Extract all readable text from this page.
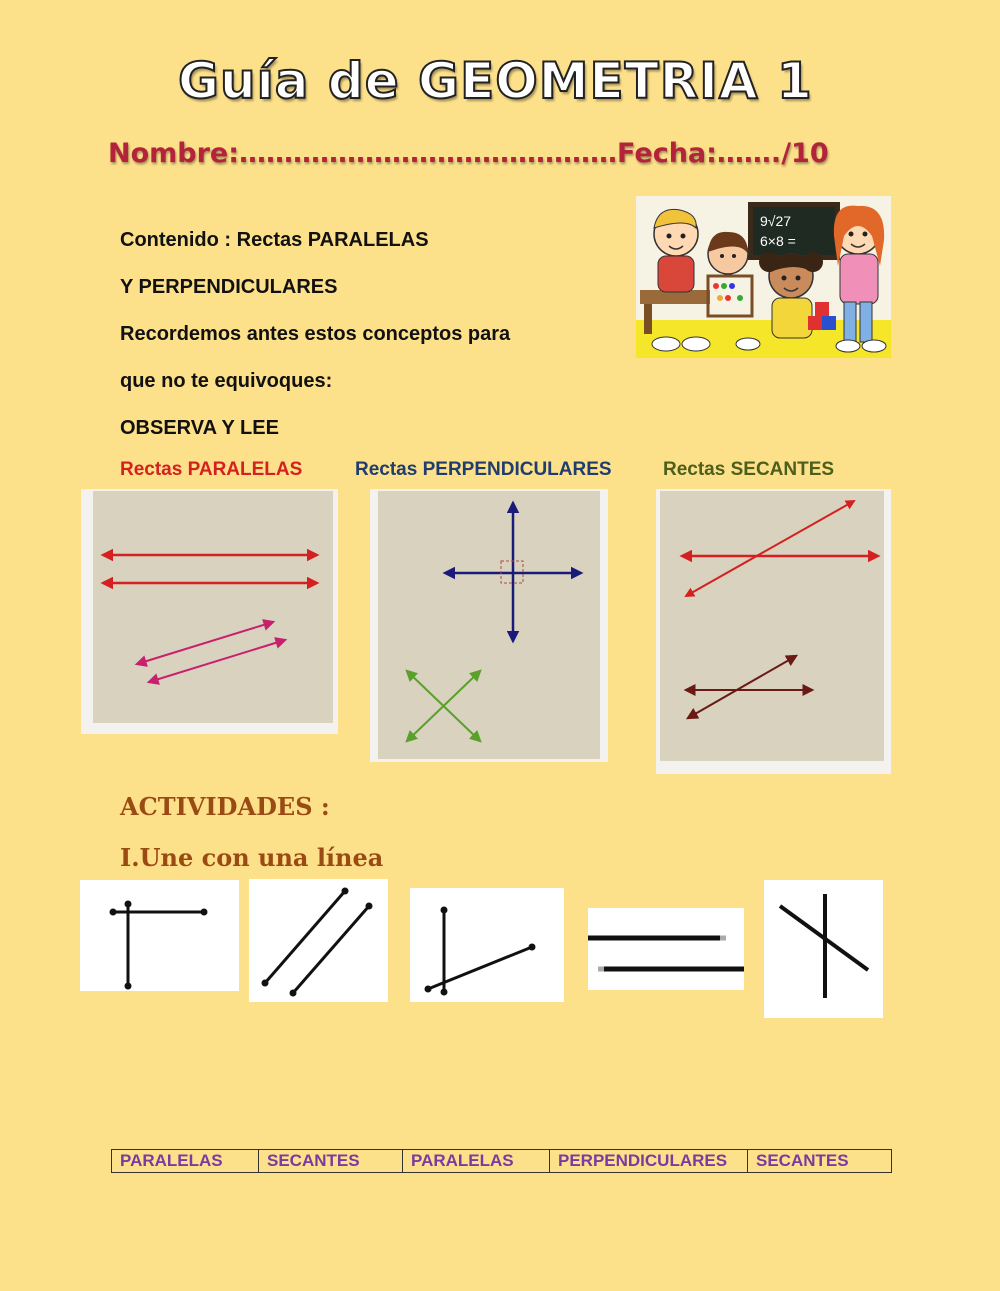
Guía de GEOMETRIA 1
Nombre:……………………………………Fecha:……./10

Contenido : Rectas PARALELAS

Y PERPENDICULARES

Recordemos antes estos conceptos para

que no te equivoques:

OBSERVA Y LEE

9√27
6×8 =
Rectas PARALELAS	Rectas PERPENDICULARES	Rectas SECANTES
ACTIVIDADES :
I.Une con una línea
PARALELAS	SECANTES	PARALELAS	PERPENDICULARES	SECANTES
